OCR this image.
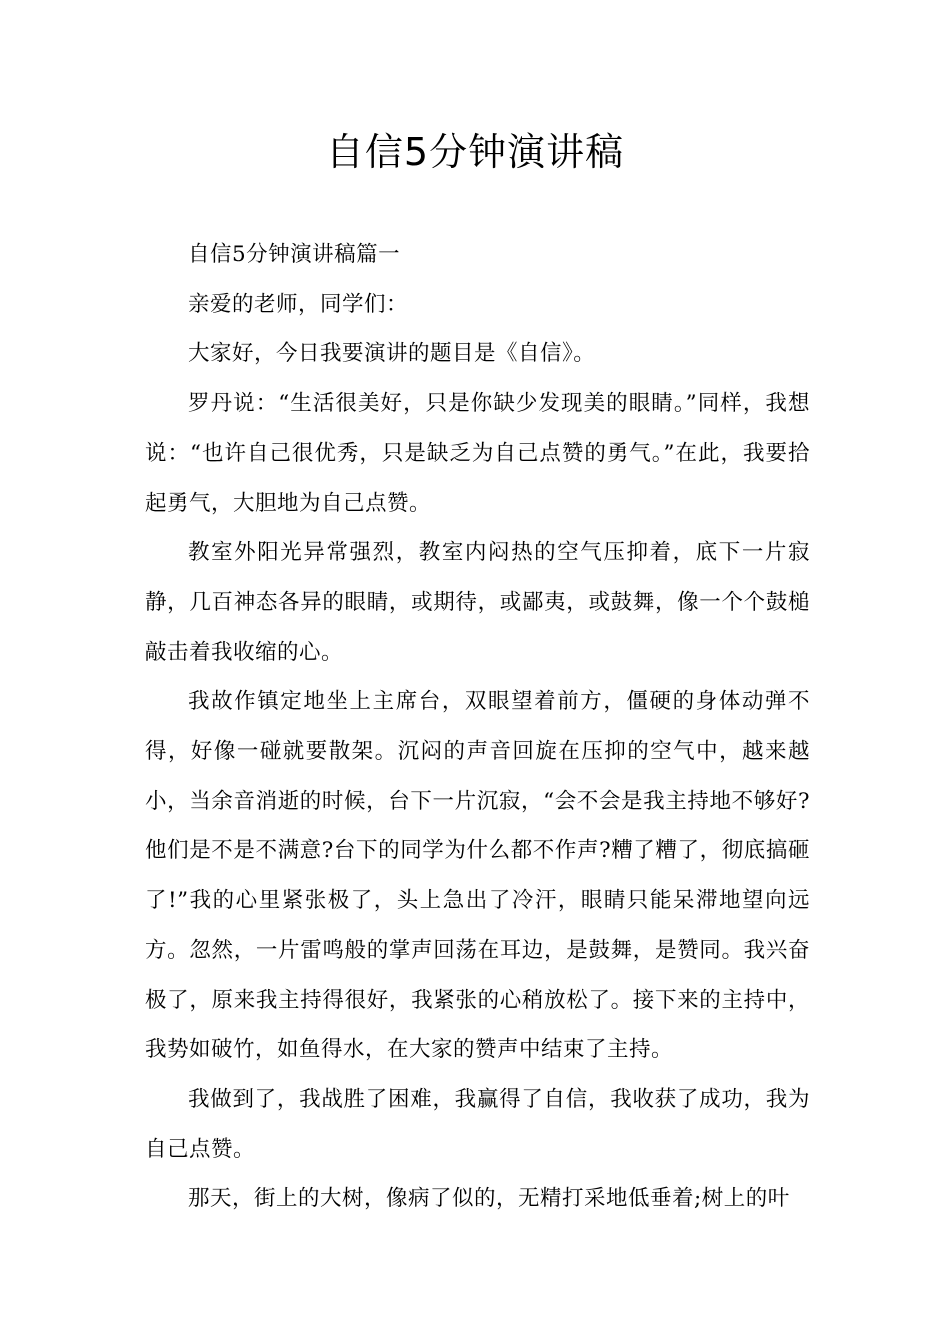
自信5分钟演讲稿

自信5分钟演讲稿篇一

亲爱的老师，同学们：

大家好，今日我要演讲的题目是《自信》。

罗丹说：“生活很美好，只是你缺少发现美的眼睛。”同样，我想说：“也许自己很优秀，只是缺乏为自己点赞的勇气。”在此，我要拾起勇气，大胆地为自己点赞。

教室外阳光异常强烈，教室内闷热的空气压抑着，底下一片寂静，几百神态各异的眼睛，或期待，或鄙夷，或鼓舞，像一个个鼓槌敲击着我收缩的心。

我故作镇定地坐上主席台，双眼望着前方，僵硬的身体动弹不得，好像一碰就要散架。沉闷的声音回旋在压抑的空气中，越来越小，当余音消逝的时候，台下一片沉寂，“会不会是我主持地不够好?他们是不是不满意?台下的同学为什么都不作声?糟了糟了，彻底搞砸了!”我的心里紧张极了，头上急出了冷汗，眼睛只能呆滞地望向远方。忽然，一片雷鸣般的掌声回荡在耳边，是鼓舞，是赞同。我兴奋极了，原来我主持得很好，我紧张的心稍放松了。接下来的主持中，我势如破竹，如鱼得水，在大家的赞声中结束了主持。

我做到了，我战胜了困难，我赢得了自信，我收获了成功，我为自己点赞。

那天，街上的大树，像病了似的，无精打采地低垂着;树上的叶
